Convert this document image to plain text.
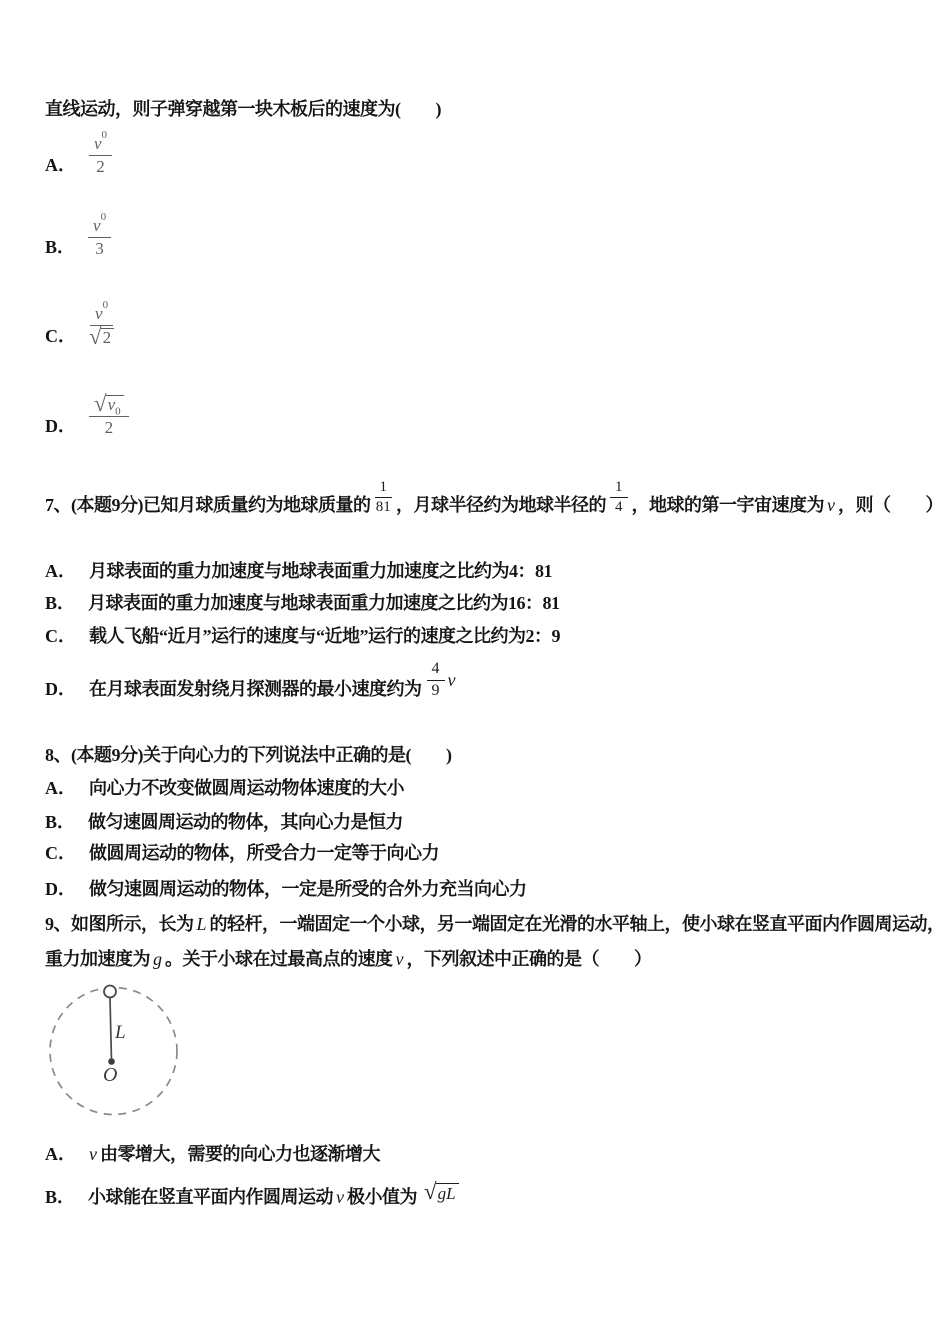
直线运动，则子弹穿越第一块木板后的速度为(　　)
A． $\frac{v 0}{2}$
B． $\frac{v 0}{3}$
C． $\frac{v 0}{√ 2}$
D． $\frac{√ v_0}{2}$
7、(本题9分)已知月球质量约为地球质量的 $\frac{1}{81}$ ，月球半径约为地球半径的 $\frac{1}{4}$ ，地球的第一宇宙速度为 v ，则（　　）
A． 月球表面的重力加速度与地球表面重力加速度之比约为4：81
B． 月球表面的重力加速度与地球表面重力加速度之比约为16：81
C． 载人飞船“近月”运行的速度与“近地”运行的速度之比约为2：9
D． 在月球表面发射绕月探测器的最小速度约为 $\frac{4}{9}$ v
8、(本题9分)关于向心力的下列说法中正确的是(　　)
A． 向心力不改变做圆周运动物体速度的大小
B． 做匀速圆周运动的物体，其向心力是恒力
C． 做圆周运动的物体，所受合力一定等于向心力
D． 做匀速圆周运动的物体，一定是所受的合外力充当向心力
9、如图所示，长为 L 的轻杆，一端固定一个小球，另一端固定在光滑的水平轴上，使小球在竖直平面内作圆周运动，
重力加速度为 g 。关于小球在过最高点的速度 v ，下列叙述中正确的是（　　）
L
O
A． v 由零增大，需要的向心力也逐渐增大
B． 小球能在竖直平面内作圆周运动 v 极小值为 √ gL
